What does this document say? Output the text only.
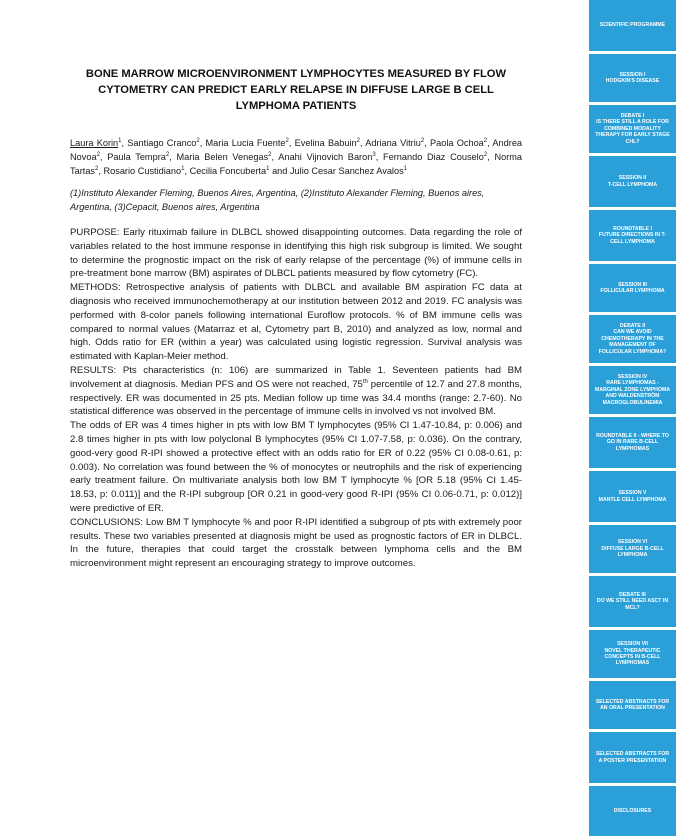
BONE MARROW MICROENVIRONMENT LYMPHOCYTES MEASURED BY FLOW CYTOMETRY CAN PREDICT EARLY RELAPSE IN DIFFUSE LARGE B CELL LYMPHOMA PATIENTS

Laura Korin$^1$, Santiago Cranco$^2$, Maria Lucia Fuente$^2$, Evelina Babuin$^2$, Adriana Vitriu$^2$, Paola Ochoa$^2$, Andrea Novoa$^2$, Paula Tempra$^2$, Maria Belen Venegas$^2$, Anahi Vijnovich Baron$^3$, Fernando Diaz Couselo$^2$, Norma Tartas$^2$, Rosario Custidiano$^1$, Cecilia Foncuberta$^1$ and Julio Cesar Sanchez Avalos$^1$

(1)Instituto Alexander Fleming, Buenos Aires, Argentina, (2)Instituto Alexander Fleming, Buenos aires, Argentina, (3)Cepacit, Buenos aires, Argentina

PURPOSE: Early rituximab failure in DLBCL showed disappointing outcomes. Data regarding the role of variables related to the host immune response in identifying this high risk subgroup is limited. We sought to determine the prognostic impact on the risk of early relapse of the percentage (%) of immune cells in pre-treatment bone marrow (BM) aspirates of DLBCL patients measured by flow cytometry (FC).

METHODS: Retrospective analysis of patients with DLBCL and available BM aspiration FC data at diagnosis who received immunochemotherapy at our institution between 2012 and 2019. FC analysis was performed with 8-color panels following international Euroflow protocols. % of BM immune cells was compared to normal values (Matarraz et al, Cytometry part B, 2010) and analyzed as low, normal and high. Odds ratio for ER (within a year) was calculated using logistic regression. Survival analysis was estimated with Kaplan-Meier method.

RESULTS: Pts characteristics (n: 106) are summarized in Table 1. Seventeen patients had BM involvement at diagnosis. Median PFS and OS were not reached, 75th percentile of 12.7 and 27.8 months, respectively. ER was documented in 25 pts. Median follow up time was 34.4 months (range: 2.7-60). No statistical difference was observed in the percentage of immune cells in involved vs not involved BM.

The odds of ER was 4 times higher in pts with low BM T lymphocytes (95% CI 1.47-10.84, p: 0.006) and 2.8 times higher in pts with low polyclonal B lymphocytes (95% CI 1.07-7.58, p: 0.036). On the contrary, good-very good R-IPI showed a protective effect with an odds ratio for ER of 0.22 (95% CI 0.08-0.61, p: 0.003). No correlation was found between the % of monocytes or neutrophils and the risk of experiencing early treatment failure. On multivariate analysis both low BM T lymphocyte % [OR 5.18 (95% CI 1.45-18.53, p: 0.011)] and the R-IPI subgroup [OR 0.21 in good-very good R-IPI (95% CI 0.06-0.71, p: 0.012)] were predictive of ER.

CONCLUSIONS: Low BM T lymphocyte % and poor R-IPI identified a subgroup of pts with extremely poor results. These two variables presented at diagnosis might be used as prognostic factors of ER in DLBCL. In the future, therapies that could target the crosstalk between lymphoma cells and the BM microenvironment might represent an encouraging strategy to improve outcomes.

SCIENTIFIC PROGRAMME
SESSION I
HODGKIN'S DISEASE
DEBATE I
IS THERE STILL A ROLE FOR COMBINED MODALITY THERAPY FOR EARLY STAGE CHL?
SESSION II
T-CELL LYMPHOMA
ROUNDTABLE I
FUTURE DIRECTIONS IN T-CELL LYMPHOMA
SESSION III
FOLLICULAR LYMPHOMA
DEBATE II
CAN WE AVOID CHEMOTHERAPY IN THE MANAGEMENT OF FOLLICULAR LYMPHOMA?
SESSION IV
RARE LYMPHOMAS - MARGINAL ZONE LYMPHOMA AND WALDENSTRÖM MACROGLOBULINEMIA
ROUNDTABLE II - WHERE TO GO IN RARE B-CELL LYMPHOMAS
SESSION V
MANTLE CELL LYMPHOMA
SESSION VI
DIFFUSE LARGE B-CELL LYMPHOMA
DEBATE III
DO WE STILL NEED ASCT IN MCL?
SESSION VII
NOVEL THERAPEUTIC CONCEPTS IN B-CELL LYMPHOMAS
SELECTED ABSTRACTS FOR AN ORAL PRESENTATION
SELECTED ABSTRACTS FOR A POSTER PRESENTATION
DISCLOSURES
